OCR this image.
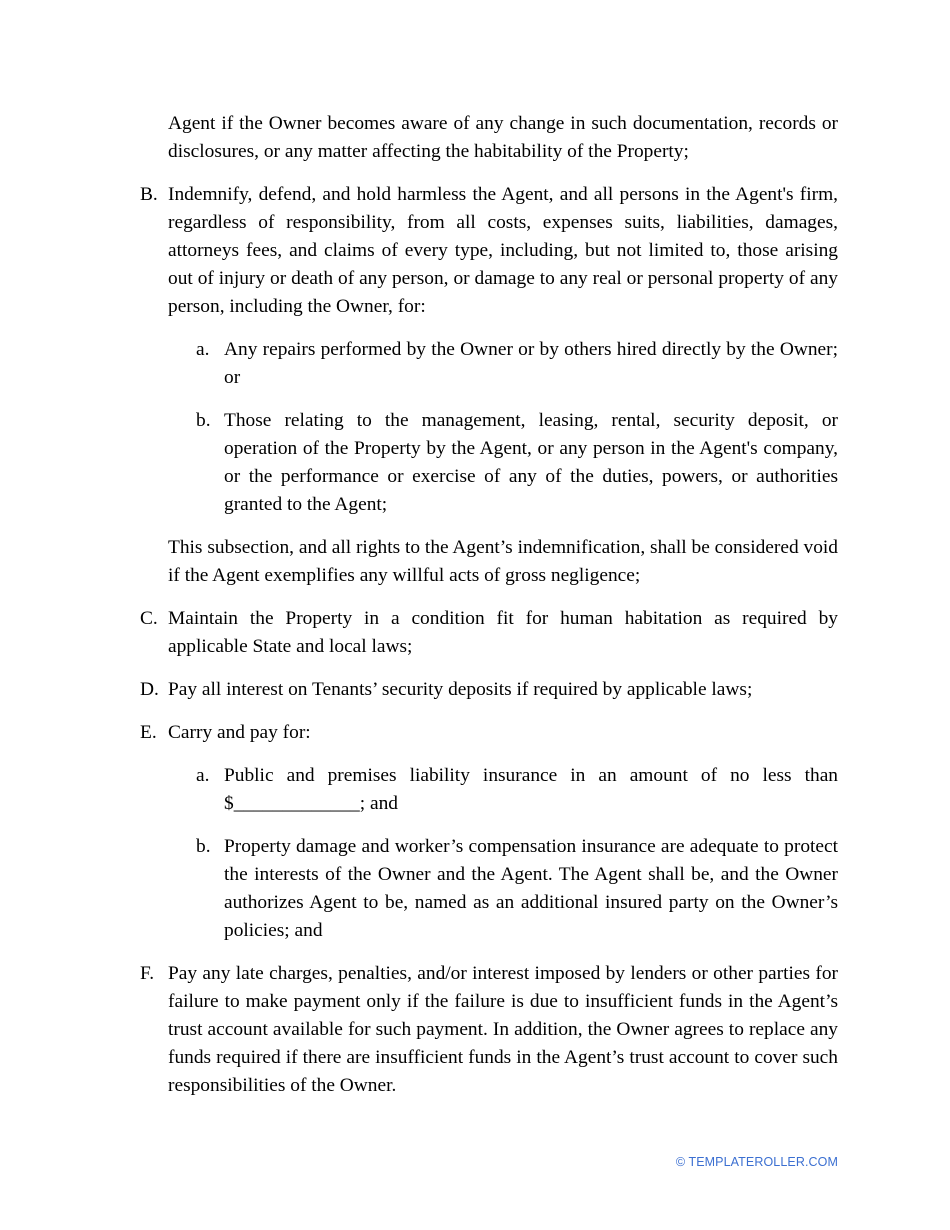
Agent if the Owner becomes aware of any change in such documentation, records or disclosures, or any matter affecting the habitability of the Property;

B. Indemnify, defend, and hold harmless the Agent, and all persons in the Agent's firm, regardless of responsibility, from all costs, expenses suits, liabilities, damages, attorneys fees, and claims of every type, including, but not limited to, those arising out of injury or death of any person, or damage to any real or personal property of any person, including the Owner, for:

a. Any repairs performed by the Owner or by others hired directly by the Owner; or

b. Those relating to the management, leasing, rental, security deposit, or operation of the Property by the Agent, or any person in the Agent's company, or the performance or exercise of any of the duties, powers, or authorities granted to the Agent;

This subsection, and all rights to the Agent’s indemnification, shall be considered void if the Agent exemplifies any willful acts of gross negligence;

C. Maintain the Property in a condition fit for human habitation as required by applicable State and local laws;

D. Pay all interest on Tenants’ security deposits if required by applicable laws;

E. Carry and pay for:

a. Public and premises liability insurance in an amount of no less than $_____________; and

b. Property damage and worker’s compensation insurance are adequate to protect the interests of the Owner and the Agent. The Agent shall be, and the Owner authorizes Agent to be, named as an additional insured party on the Owner’s policies; and

F. Pay any late charges, penalties, and/or interest imposed by lenders or other parties for failure to make payment only if the failure is due to insufficient funds in the Agent’s trust account available for such payment. In addition, the Owner agrees to replace any funds required if there are insufficient funds in the Agent’s trust account to cover such responsibilities of the Owner.

© TEMPLATEROLLER.COM
